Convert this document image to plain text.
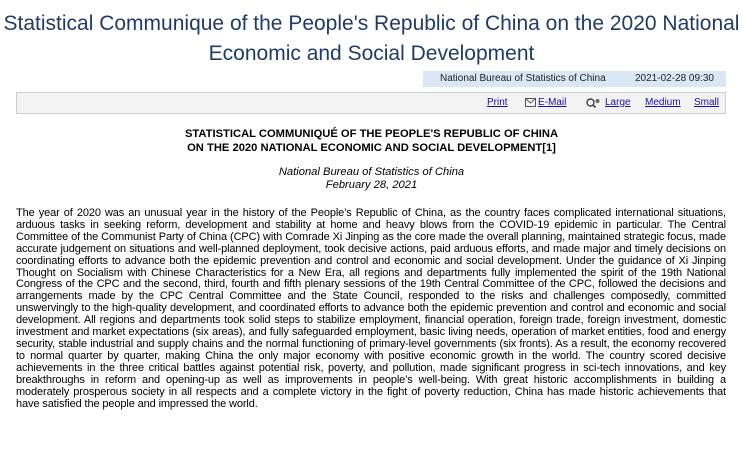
Statistical Communique of the People's Republic of China on the 2020 National
Economic and Social Development
National Bureau of Statistics of China	2021-02-28 09:30
Print	E-Mail	Large Medium Small
STATISTICAL COMMUNIQUÉ OF THE PEOPLE'S REPUBLIC OF CHINA
ON THE 2020 NATIONAL ECONOMIC AND SOCIAL DEVELOPMENT[1]
National Bureau of Statistics of China
February 28, 2021

The year of 2020 was an unusual year in the history of the People’s Republic of China, as the country faces complicated international situations, arduous tasks in seeking reform, development and stability at home and heavy blows from the COVID-19 epidemic in particular. The Central Committee of the Communist Party of China (CPC) with Comrade Xi Jinping as the core made the overall planning, maintained strategic focus, made accurate judgement on situations and well-planned deployment, took decisive actions, paid arduous efforts, and made major and timely decisions on coordinating efforts to advance both the epidemic prevention and control and economic and social development. Under the guidance of Xi Jinping Thought on Socialism with Chinese Characteristics for a New Era, all regions and departments fully implemented the spirit of the 19th National Congress of the CPC and the second, third, fourth and fifth plenary sessions of the 19th Central Committee of the CPC, followed the decisions and arrangements made by the CPC Central Committee and the State Council, responded to the risks and challenges composedly, committed unswervingly to the high-quality development, and coordinated efforts to advance both the epidemic prevention and control and economic and social development. All regions and departments took solid steps to stabilize employment, financial operation, foreign trade, foreign investment, domestic investment and market expectations (six areas), and fully safeguarded employment, basic living needs, operation of market entities, food and energy security, stable industrial and supply chains and the normal functioning of primary-level governments (six fronts). As a result, the economy recovered to normal quarter by quarter, making China the only major economy with positive economic growth in the world. The country scored decisive achievements in the three critical battles against potential risk, poverty, and pollution, made significant progress in sci-tech innovations, and key breakthroughs in reform and opening-up as well as improvements in people’s well-being. With great historic accomplishments in building a moderately prosperous society in all respects and a complete victory in the fight of poverty reduction, China has made historic achievements that have satisfied the people and impressed the world.
